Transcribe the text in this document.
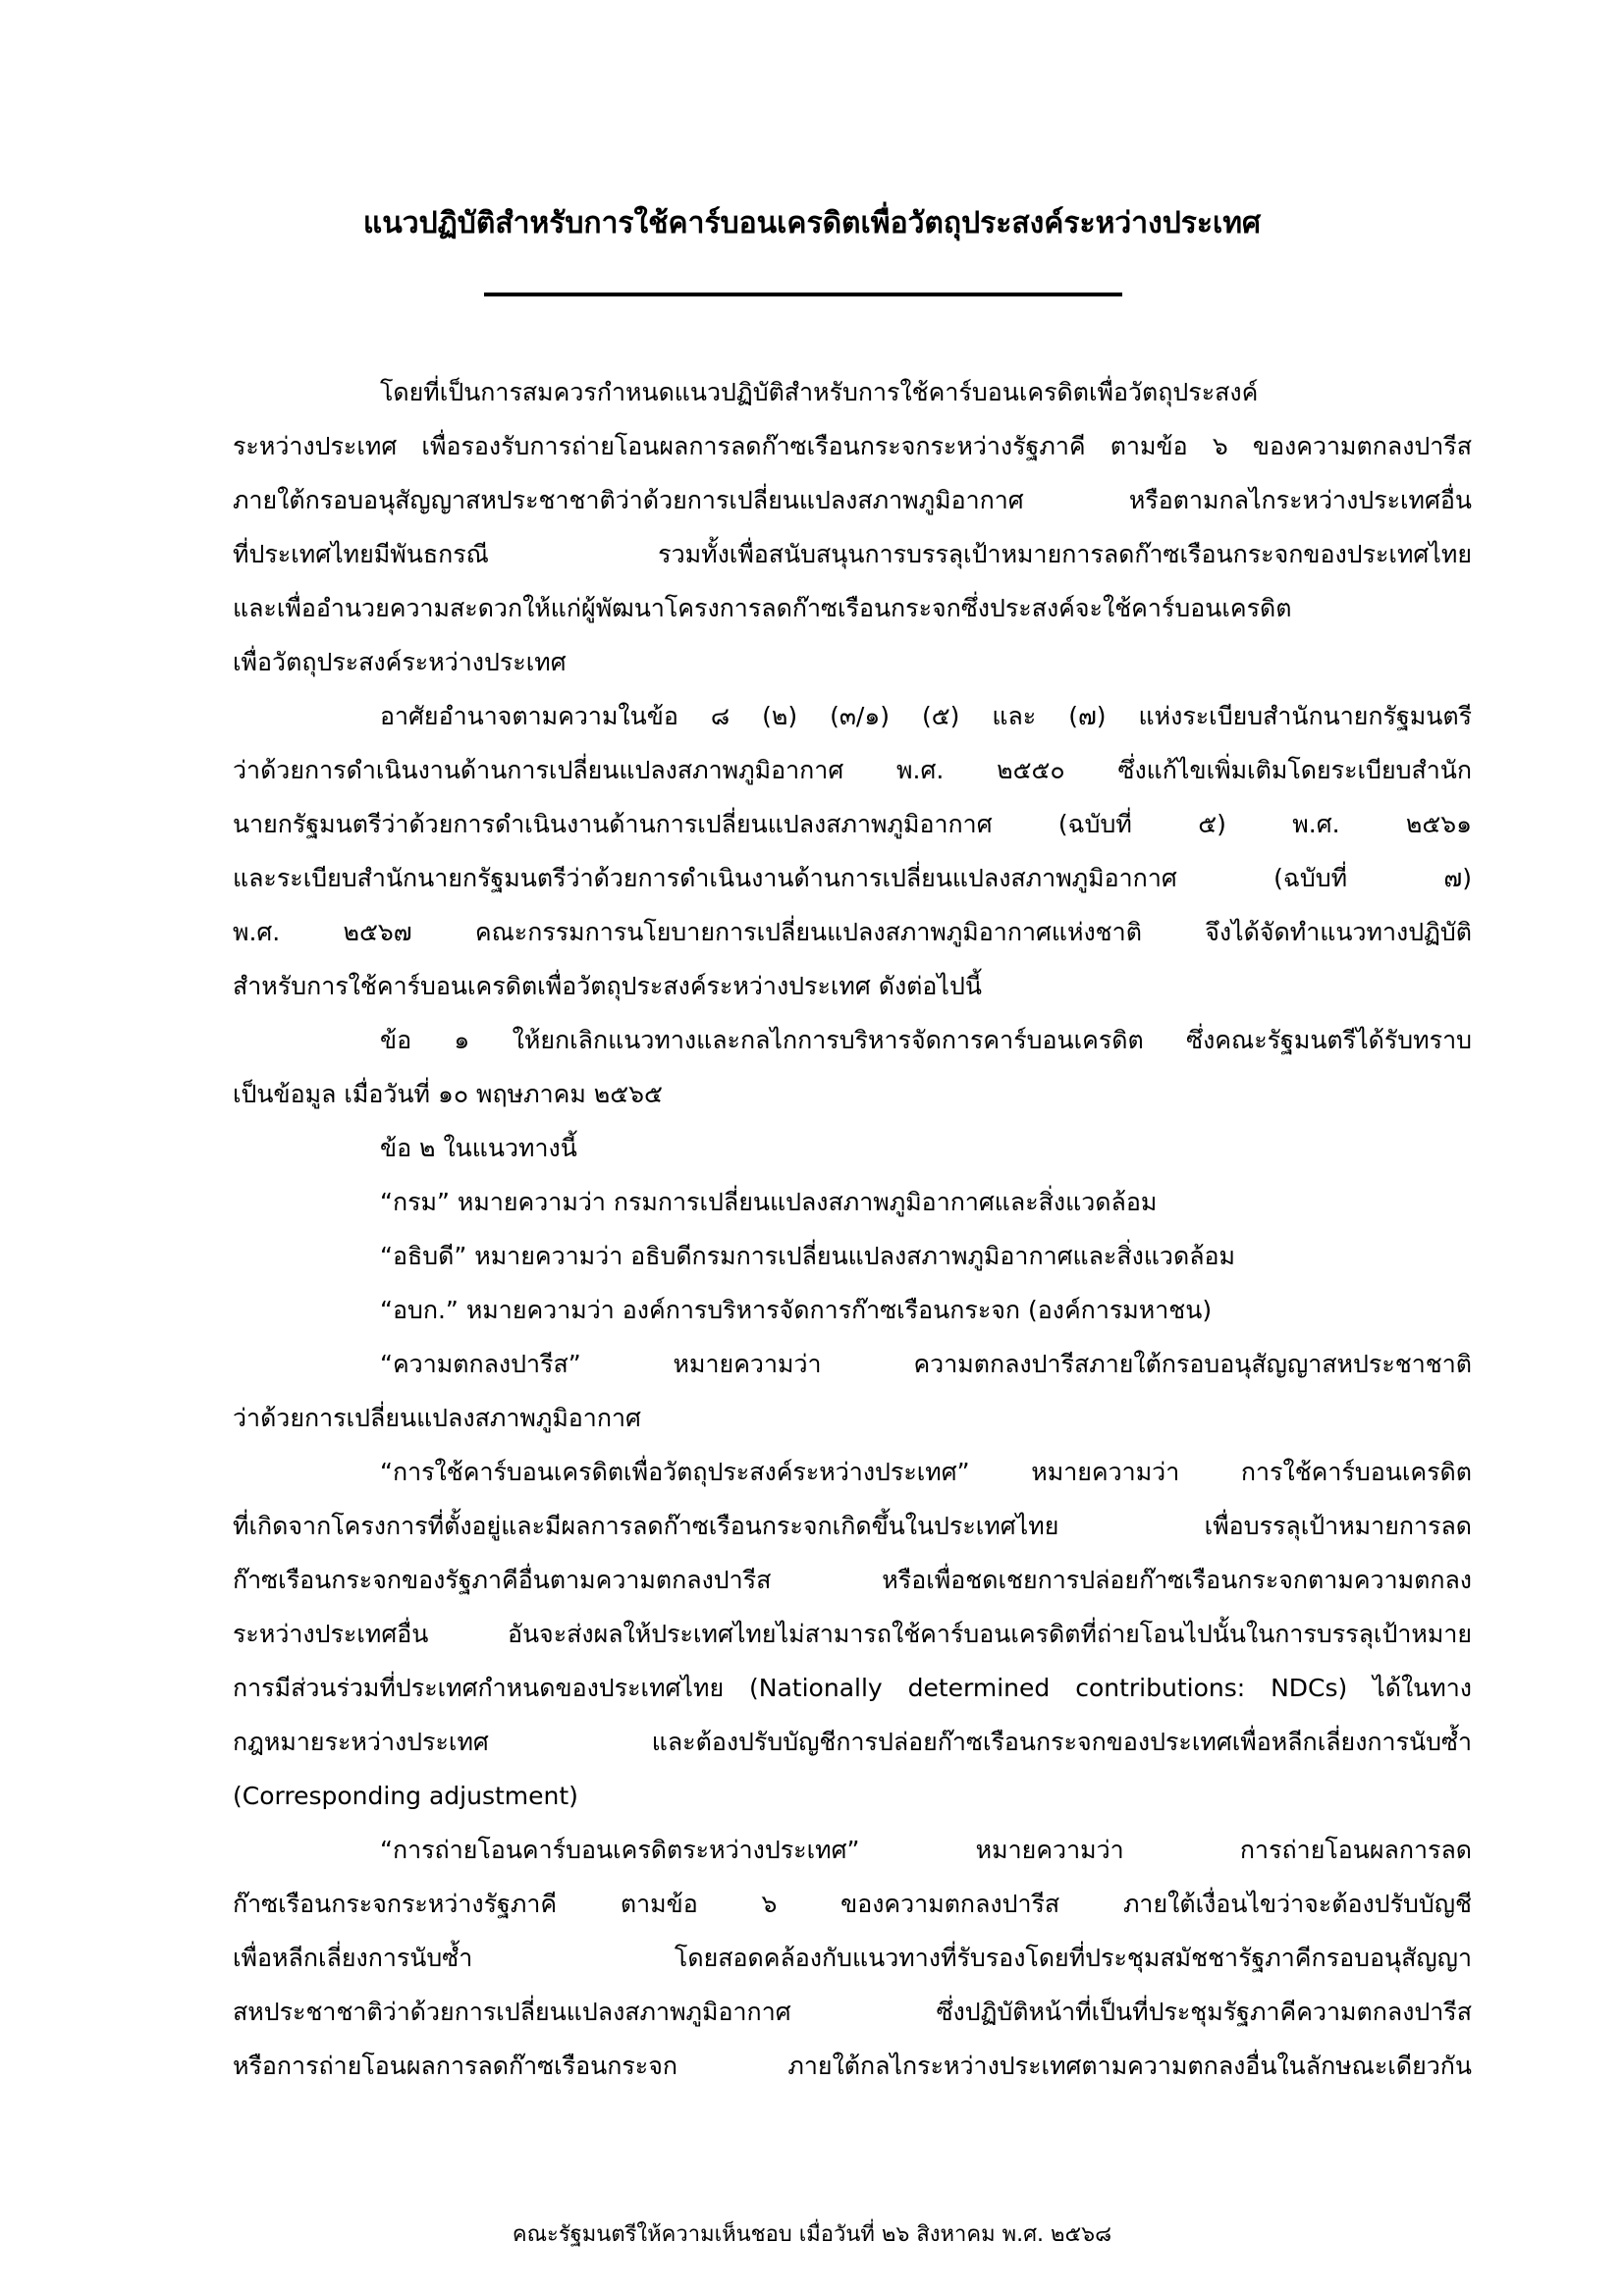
แนวปฏิบัติสำหรับการใช้คาร์บอนเครดิตเพื่อวัตถุประสงค์ระหว่างประเทศ
โดยที่เป็นการสมควรกำหนดแนวปฏิบัติสำหรับการใช้คาร์บอนเครดิตเพื่อวัตถุประสงค์
ระหว่างประเทศ เพื่อรองรับการถ่ายโอนผลการลดก๊าซเรือนกระจกระหว่างรัฐภาคี ตามข้อ ๖ ของความตกลงปารีส
ภายใต้กรอบอนุสัญญาสหประชาชาติว่าด้วยการเปลี่ยนแปลงสภาพภูมิอากาศ หรือตามกลไกระหว่างประเทศอื่น
ที่ประเทศไทยมีพันธกรณี รวมทั้งเพื่อสนับสนุนการบรรลุเป้าหมายการลดก๊าซเรือนกระจกของประเทศไทย
และเพื่ออำนวยความสะดวกให้แก่ผู้พัฒนาโครงการลดก๊าซเรือนกระจกซึ่งประสงค์จะใช้คาร์บอนเครดิต
เพื่อวัตถุประสงค์ระหว่างประเทศ
อาศัยอำนาจตามความในข้อ ๘ (๒) (๓/๑) (๕) และ (๗) แห่งระเบียบสำนักนายกรัฐมนตรี
ว่าด้วยการดำเนินงานด้านการเปลี่ยนแปลงสภาพภูมิอากาศ พ.ศ. ๒๕๕๐ ซึ่งแก้ไขเพิ่มเติมโดยระเบียบสำนัก
นายกรัฐมนตรีว่าด้วยการดำเนินงานด้านการเปลี่ยนแปลงสภาพภูมิอากาศ (ฉบับที่ ๕) พ.ศ. ๒๕๖๑
และระเบียบสำนักนายกรัฐมนตรีว่าด้วยการดำเนินงานด้านการเปลี่ยนแปลงสภาพภูมิอากาศ (ฉบับที่ ๗)
พ.ศ. ๒๕๖๗ คณะกรรมการนโยบายการเปลี่ยนแปลงสภาพภูมิอากาศแห่งชาติ จึงได้จัดทำแนวทางปฏิบัติ
สำหรับการใช้คาร์บอนเครดิตเพื่อวัตถุประสงค์ระหว่างประเทศ ดังต่อไปนี้
ข้อ ๑ ให้ยกเลิกแนวทางและกลไกการบริหารจัดการคาร์บอนเครดิต ซึ่งคณะรัฐมนตรีได้รับทราบ
เป็นข้อมูล เมื่อวันที่ ๑๐ พฤษภาคม ๒๕๖๕
ข้อ ๒ ในแนวทางนี้
“กรม” หมายความว่า กรมการเปลี่ยนแปลงสภาพภูมิอากาศและสิ่งแวดล้อม
“อธิบดี” หมายความว่า อธิบดีกรมการเปลี่ยนแปลงสภาพภูมิอากาศและสิ่งแวดล้อม
“อบก.” หมายความว่า องค์การบริหารจัดการก๊าซเรือนกระจก (องค์การมหาชน)
“ความตกลงปารีส” หมายความว่า ความตกลงปารีสภายใต้กรอบอนุสัญญาสหประชาชาติ
ว่าด้วยการเปลี่ยนแปลงสภาพภูมิอากาศ
“การใช้คาร์บอนเครดิตเพื่อวัตถุประสงค์ระหว่างประเทศ” หมายความว่า การใช้คาร์บอนเครดิต
ที่เกิดจากโครงการที่ตั้งอยู่และมีผลการลดก๊าซเรือนกระจกเกิดขึ้นในประเทศไทย เพื่อบรรลุเป้าหมายการลด
ก๊าซเรือนกระจกของรัฐภาคีอื่นตามความตกลงปารีส หรือเพื่อชดเชยการปล่อยก๊าซเรือนกระจกตามความตกลง
ระหว่างประเทศอื่น อันจะส่งผลให้ประเทศไทยไม่สามารถใช้คาร์บอนเครดิตที่ถ่ายโอนไปนั้นในการบรรลุเป้าหมาย
การมีส่วนร่วมที่ประเทศกำหนดของประเทศไทย (Nationally determined contributions: NDCs) ได้ในทาง
กฎหมายระหว่างประเทศ และต้องปรับบัญชีการปล่อยก๊าซเรือนกระจกของประเทศเพื่อหลีกเลี่ยงการนับซ้ำ
(Corresponding adjustment)
“การถ่ายโอนคาร์บอนเครดิตระหว่างประเทศ” หมายความว่า การถ่ายโอนผลการลด
ก๊าซเรือนกระจกระหว่างรัฐภาคี ตามข้อ ๖ ของความตกลงปารีส ภายใต้เงื่อนไขว่าจะต้องปรับบัญชี
เพื่อหลีกเลี่ยงการนับซ้ำ โดยสอดคล้องกับแนวทางที่รับรองโดยที่ประชุมสมัชชารัฐภาคีกรอบอนุสัญญา
สหประชาชาติว่าด้วยการเปลี่ยนแปลงสภาพภูมิอากาศ ซึ่งปฏิบัติหน้าที่เป็นที่ประชุมรัฐภาคีความตกลงปารีส
หรือการถ่ายโอนผลการลดก๊าซเรือนกระจก ภายใต้กลไกระหว่างประเทศตามความตกลงอื่นในลักษณะเดียวกัน
คณะรัฐมนตรีให้ความเห็นชอบ เมื่อวันที่ ๒๖ สิงหาคม พ.ศ. ๒๕๖๘
